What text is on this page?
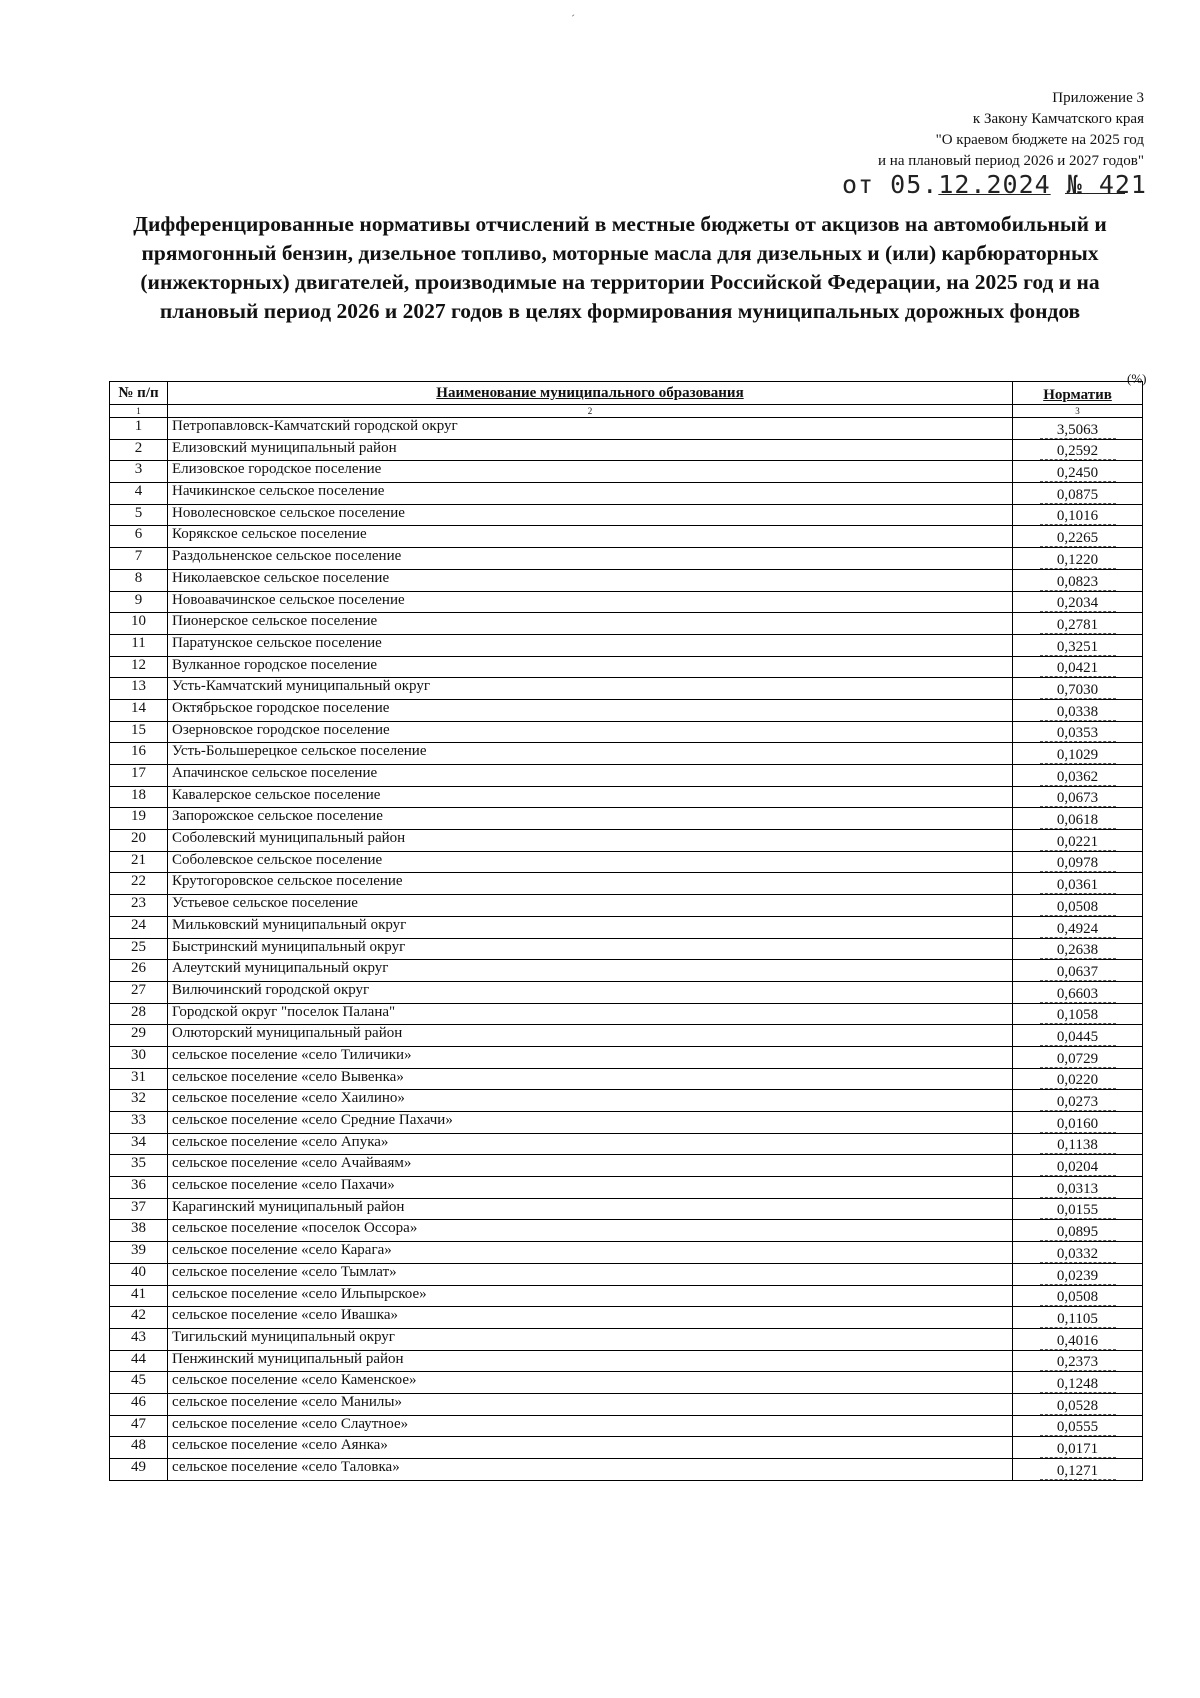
´
Приложение 3
к Закону Камчатского края
"О краевом бюджете на 2025 год
и на плановый период 2026 и 2027 годов"
от 05.12.2024 № 421
Дифференцированные нормативы отчислений в местные бюджеты от акцизов на автомобильный и прямогонный бензин, дизельное топливо, моторные масла для дизельных и (или) карбюраторных (инжекторных) двигателей, производимые на территории Российской Федерации, на 2025 год и на плановый период 2026 и 2027 годов в целях формирования муниципальных дорожных фондов
(%)
№ п/п	Наименование муниципального образования	Норматив
1	2	3
1	Петропавловск-Камчатский городской округ	3,5063
2	Елизовский муниципальный район	0,2592
3	Елизовское городское поселение	0,2450
4	Начикинское сельское поселение	0,0875
5	Новолесновское сельское поселение	0,1016
6	Корякское сельское поселение	0,2265
7	Раздольненское сельское поселение	0,1220
8	Николаевское сельское поселение	0,0823
9	Новоавачинское сельское поселение	0,2034
10	Пионерское сельское поселение	0,2781
11	Паратунское сельское поселение	0,3251
12	Вулканное городское поселение	0,0421
13	Усть-Камчатский муниципальный округ	0,7030
14	Октябрьское городское поселение	0,0338
15	Озерновское городское поселение	0,0353
16	Усть-Большерецкое сельское поселение	0,1029
17	Апачинское сельское поселение	0,0362
18	Кавалерское сельское поселение	0,0673
19	Запорожское сельское поселение	0,0618
20	Соболевский муниципальный район	0,0221
21	Соболевское сельское поселение	0,0978
22	Крутогоровское сельское поселение	0,0361
23	Устьевое сельское поселение	0,0508
24	Мильковский муниципальный округ	0,4924
25	Быстринский муниципальный округ	0,2638
26	Алеутский муниципальный округ	0,0637
27	Вилючинский городской округ	0,6603
28	Городской округ "поселок Палана"	0,1058
29	Олюторский муниципальный район	0,0445
30	сельское поселение «село Тиличики»	0,0729
31	сельское поселение «село Вывенка»	0,0220
32	сельское поселение «село Хаилино»	0,0273
33	сельское поселение «село Средние Пахачи»	0,0160
34	сельское поселение «село Апука»	0,1138
35	сельское поселение «село Ачайваям»	0,0204
36	сельское поселение «село Пахачи»	0,0313
37	Карагинский муниципальный район	0,0155
38	сельское поселение «поселок Оссора»	0,0895
39	сельское поселение «село Карага»	0,0332
40	сельское поселение «село Тымлат»	0,0239
41	сельское поселение «село Ильпырское»	0,0508
42	сельское поселение «село Ивашка»	0,1105
43	Тигильский муниципальный округ	0,4016
44	Пенжинский муниципальный район	0,2373
45	сельское поселение «село Каменское»	0,1248
46	сельское поселение «село Манилы»	0,0528
47	сельское поселение «село Слаутное»	0,0555
48	сельское поселение «село Аянка»	0,0171
49	сельское поселение «село Таловка»	0,1271
